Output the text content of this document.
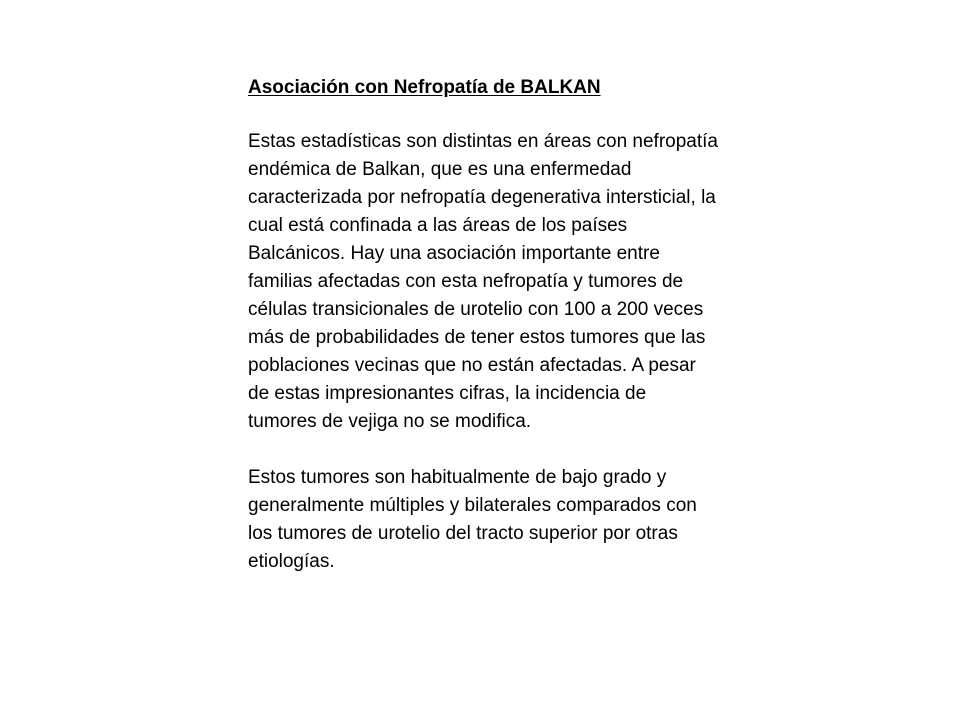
Asociación con Nefropatía de BALKAN

Estas estadísticas son distintas en áreas con nefropatía endémica de Balkan, que es una enfermedad caracterizada por nefropatía degenerativa intersticial, la cual está confinada a las áreas de los países Balcánicos. Hay una asociación importante entre familias afectadas con esta nefropatía y tumores de células transicionales de urotelio con 100 a 200 veces más de probabilidades de tener estos tumores que las poblaciones vecinas que no están afectadas. A pesar de estas impresionantes cifras, la incidencia de tumores de vejiga no se modifica.

Estos tumores son habitualmente de bajo grado y generalmente múltiples y bilaterales comparados con los tumores de urotelio del tracto superior por otras etiologías.
